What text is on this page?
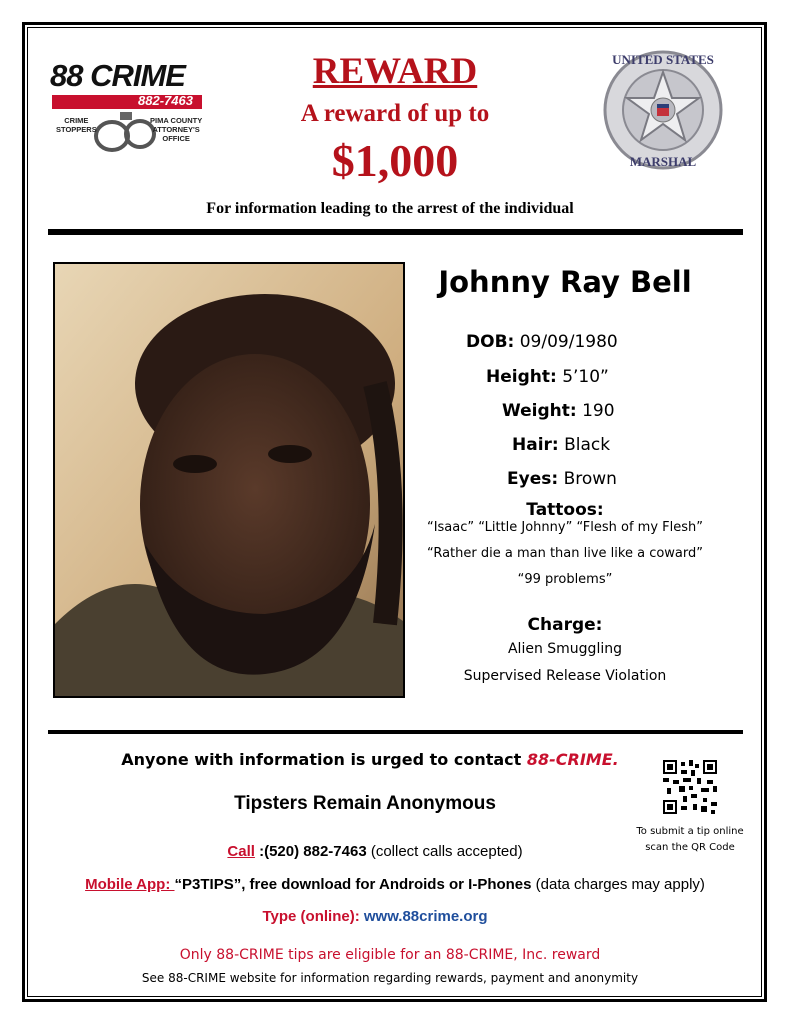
88 CRIME
882-7463
CRIME
STOPPERS
PIMA COUNTY
ATTORNEY'S
OFFICE
REWARD
A reward of up to
$1,000
UNITED STATES
MARSHAL
For information leading to the arrest of the individual
Johnny Ray Bell
DOB: 09/09/1980
Height: 5’10”
Weight: 190
Hair: Black
Eyes: Brown
Tattoos:
“Isaac” “Little Johnny” “Flesh of my Flesh”
“Rather die a man than live like a coward”
“99 problems”
Charge:
Alien Smuggling
Supervised Release Violation
Anyone with information is urged to contact 88-CRIME.
Tipsters Remain Anonymous
To submit a tip online
scan the QR Code
Call :(520) 882-7463 (collect calls accepted)
Mobile App: “P3TIPS”, free download for Androids or I-Phones (data charges may apply)
Type (online): www.88crime.org
Only 88-CRIME tips are eligible for an 88-CRIME, Inc. reward
See 88-CRIME website for information regarding rewards, payment and anonymity
